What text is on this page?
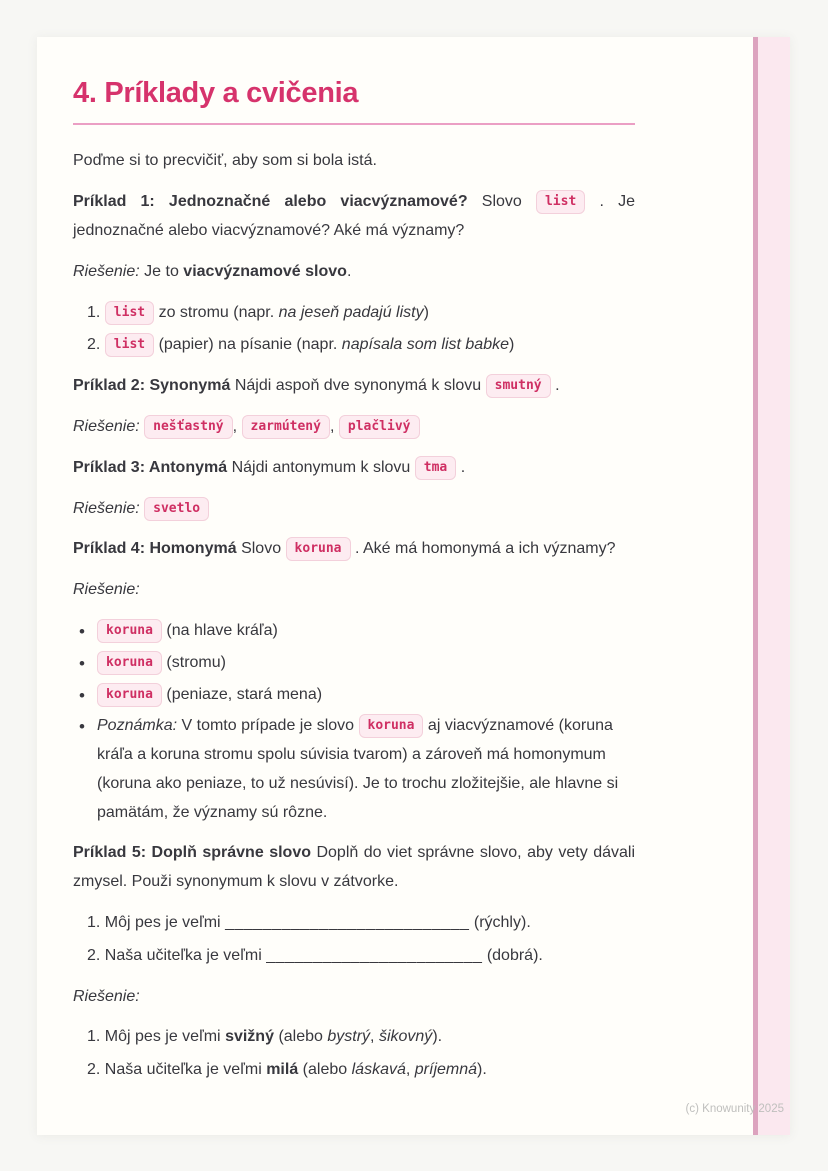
4. Príklady a cvičenia

Poďme si to precvičiť, aby som si bola istá.

Príklad 1: Jednoznačné alebo viacvýznamové? Slovo list . Je jednoznačné alebo viacvýznamové? Aké má významy?

Riešenie: Je to viacvýznamové slovo.

1. list zo stromu (napr. na jeseň padajú listy)
2. list (papier) na písanie (napr. napísala som list babke)

Príklad 2: Synonymá Nájdi aspoň dve synonymá k slovu smutný .

Riešenie: nešťastný , zarmútený , plačlivý

Príklad 3: Antonymá Nájdi antonymum k slovu tma .

Riešenie: svetlo

Príklad 4: Homonymá Slovo koruna . Aké má homonymá a ich významy?

Riešenie:

• koruna (na hlave kráľa)
• koruna (stromu)
• koruna (peniaze, stará mena)
• Poznámka: V tomto prípade je slovo koruna aj viacvýznamové (koruna kráľa a koruna stromu spolu súvisia tvarom) a zároveň má homonymum (koruna ako peniaze, to už nesúvisí). Je to trochu zložitejšie, ale hlavne si pamätám, že významy sú rôzne.

Príklad 5: Doplň správne slovo Doplň do viet správne slovo, aby vety dávali zmysel. Použi synonymum k slovu v zátvorke.

1. Môj pes je veľmi __________________________ (rýchly).
2. Naša učiteľka je veľmi _______________________ (dobrá).

Riešenie:

1. Môj pes je veľmi svižný (alebo bystrý, šikovný).
2. Naša učiteľka je veľmi milá (alebo láskavá, príjemná).
(c) Knowunity 2025
